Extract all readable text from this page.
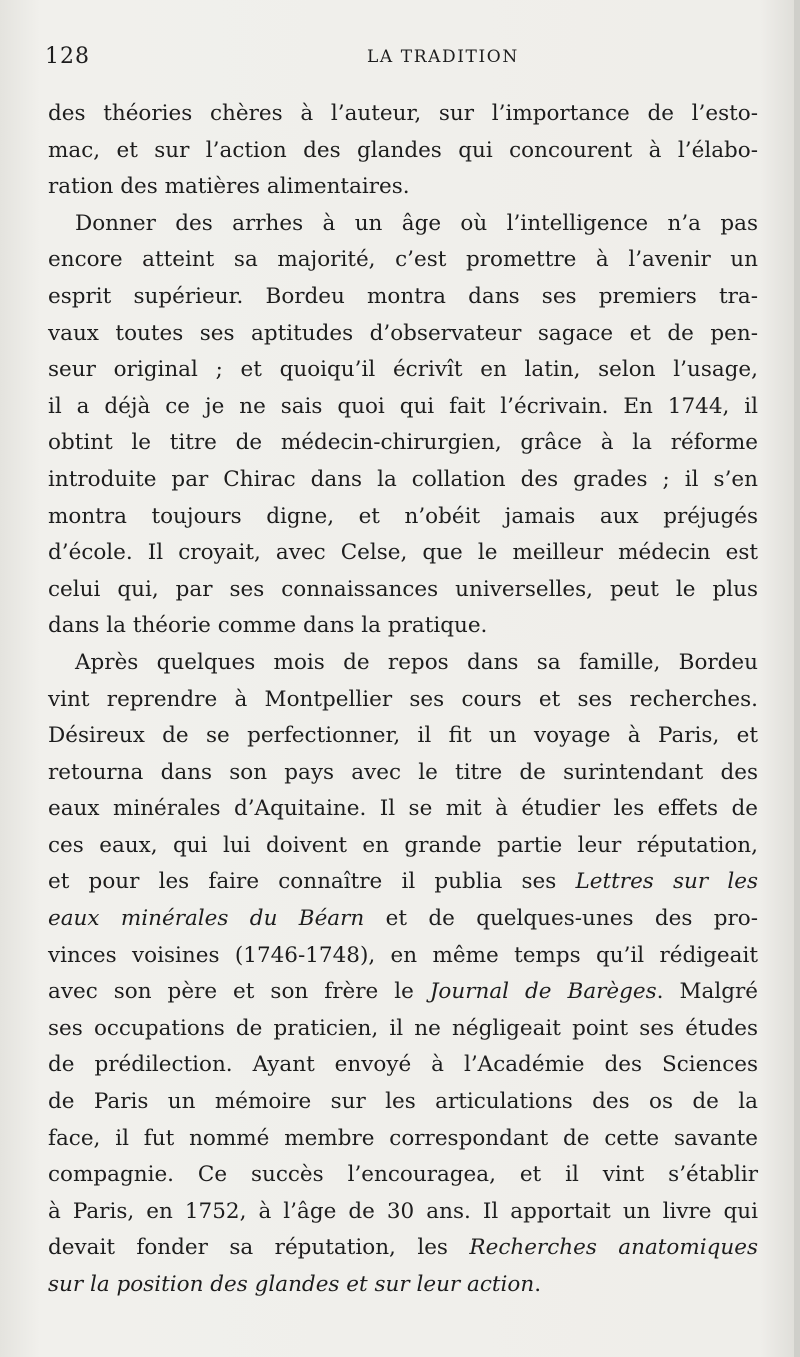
128	LA TRADITION
des théories chères à l’auteur, sur l’importance de l’esto-
mac, et sur l’action des glandes qui concourent à l’élabo-
ration des matières alimentaires.
Donner des arrhes à un âge où l’intelligence n’a pas
encore atteint sa majorité, c’est promettre à l’avenir un
esprit supérieur. Bordeu montra dans ses premiers tra-
vaux toutes ses aptitudes d’observateur sagace et de pen-
seur original ; et quoiqu’il écrivît en latin, selon l’usage,
il a déjà ce je ne sais quoi qui fait l’écrivain. En 1744, il
obtint le titre de médecin-chirurgien, grâce à la réforme
introduite par Chirac dans la collation des grades ; il s’en
montra toujours digne, et n’obéit jamais aux préjugés
d’école. Il croyait, avec Celse, que le meilleur médecin est
celui qui, par ses connaissances universelles, peut le plus
dans la théorie comme dans la pratique.
Après quelques mois de repos dans sa famille, Bordeu
vint reprendre à Montpellier ses cours et ses recherches.
Désireux de se perfectionner, il fit un voyage à Paris, et
retourna dans son pays avec le titre de surintendant des
eaux minérales d’Aquitaine. Il se mit à étudier les effets de
ces eaux, qui lui doivent en grande partie leur réputation,
et pour les faire connaître il publia ses Lettres sur les
eaux minérales du Béarn et de quelques-unes des pro-
vinces voisines (1746-1748), en même temps qu’il rédigeait
avec son père et son frère le Journal de Barèges. Malgré
ses occupations de praticien, il ne négligeait point ses études
de prédilection. Ayant envoyé à l’Académie des Sciences
de Paris un mémoire sur les articulations des os de la
face, il fut nommé membre correspondant de cette savante
compagnie. Ce succès l’encouragea, et il vint s’établir
à Paris, en 1752, à l’âge de 30 ans. Il apportait un livre qui
devait fonder sa réputation, les Recherches anatomiques
sur la position des glandes et sur leur action.
